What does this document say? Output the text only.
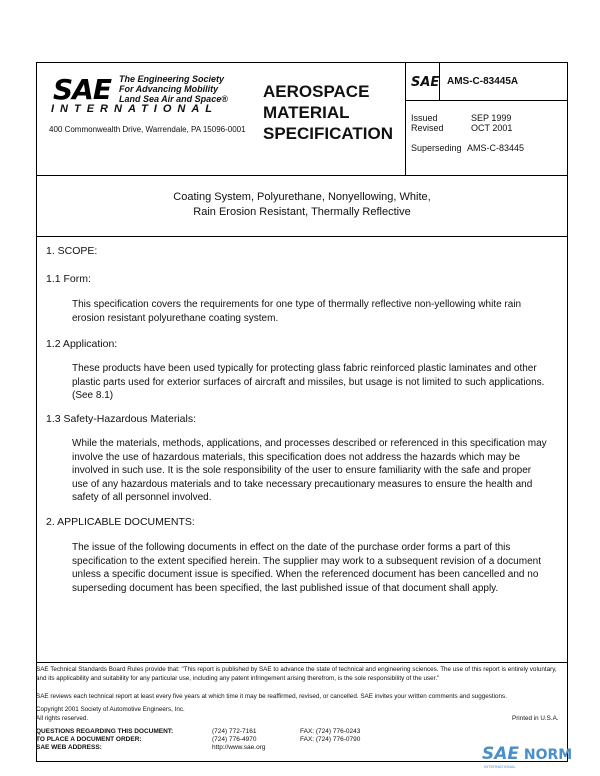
SAE The Engineering Society
For Advancing Mobility
Land Sea Air and Space®
INTERNATIONAL
400 Commonwealth Drive, Warrendale, PA 15096-0001
AEROSPACE
MATERIAL
SPECIFICATION
SAE AMS-C-83445A
Issued	SEP 1999
Revised	OCT 2001
Superseding AMS-C-83445
Coating System, Polyurethane, Nonyellowing, White,
Rain Erosion Resistant, Thermally Reflective
1. SCOPE:
1.1 Form:
This specification covers the requirements for one type of thermally reflective non-yellowing white rain erosion resistant polyurethane coating system.
1.2 Application:
These products have been used typically for protecting glass fabric reinforced plastic laminates and other plastic parts used for exterior surfaces of aircraft and missiles, but usage is not limited to such applications. (See 8.1)
1.3 Safety-Hazardous Materials:
While the materials, methods, applications, and processes described or referenced in this specification may involve the use of hazardous materials, this specification does not address the hazards which may be involved in such use. It is the sole responsibility of the user to ensure familiarity with the safe and proper use of any hazardous materials and to take necessary precautionary measures to ensure the health and safety of all personnel involved.
2. APPLICABLE DOCUMENTS:
The issue of the following documents in effect on the date of the purchase order forms a part of this specification to the extent specified herein. The supplier may work to a subsequent revision of a document unless a specific document issue is specified. When the referenced document has been cancelled and no superseding document has been specified, the last published issue of that document shall apply.
SAE Technical Standards Board Rules provide that: "This report is published by SAE to advance the state of technical and engineering sciences. The use of this report is entirely voluntary, and its applicability and suitability for any particular use, including any patent infringement arising therefrom, is the sole responsibility of the user."
SAE reviews each technical report at least every five years at which time it may be reaffirmed, revised, or cancelled. SAE invites your written comments and suggestions.
Copyright 2001 Society of Automotive Engineers, Inc.
All rights reserved.	Printed in U.S.A.
QUESTIONS REGARDING THIS DOCUMENT:	(724) 772-7161	FAX: (724) 776-0243
TO PLACE A DOCUMENT ORDER:	(724) 776-4970	FAX: (724) 776-0790
SAE WEB ADDRESS:	http://www.sae.org	SAE NORM
INTERNATIONAL
